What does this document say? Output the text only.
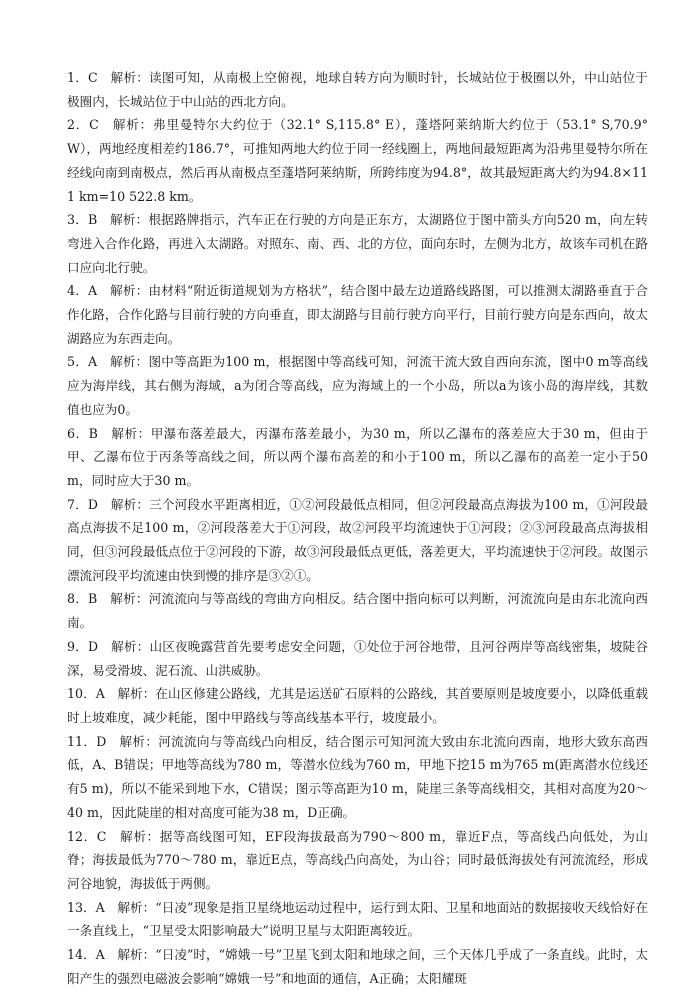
1．C　解析：读图可知，从南极上空俯视，地球自转方向为顺时针，长城站位于极圈以外，中山站位于极圈内，长城站位于中山站的西北方向。

2．C　解析：弗里曼特尔大约位于（32.1° S,115.8° E），蓬塔阿莱纳斯大约位于（53.1° S,70.9° W），两地经度相差约186.7°，可推知两地大约位于同一经线圈上，两地间最短距离为沿弗里曼特尔所在经线向南到南极点，然后再从南极点至蓬塔阿莱纳斯，所跨纬度为94.8°，故其最短距离大约为94.8×111 km=10 522.8 km。

3．B　解析：根据路牌指示，汽车正在行驶的方向是正东方，太湖路位于图中箭头方向520 m，向左转弯进入合作化路，再进入太湖路。对照东、南、西、北的方位，面向东时，左侧为北方，故该车司机在路口应向北行驶。

4．A　解析：由材料“附近街道规划为方格状”，结合图中最左边道路线路图，可以推测太湖路垂直于合作化路，合作化路与目前行驶的方向垂直，即太湖路与目前行驶方向平行，目前行驶方向是东西向，故太湖路应为东西走向。

5．A　解析：图中等高距为100 m，根据图中等高线可知，河流干流大致自西向东流，图中0 m等高线应为海岸线，其右侧为海域，a为闭合等高线，应为海域上的一个小岛，所以a为该小岛的海岸线，其数值也应为0。

6．B　解析：甲瀑布落差最大，丙瀑布落差最小，为30 m，所以乙瀑布的落差应大于30 m，但由于甲、乙瀑布位于丙条等高线之间，所以两个瀑布高差的和小于100 m，所以乙瀑布的高差一定小于50 m，同时应大于30 m。

7．D　解析：三个河段水平距离相近，①②河段最低点相同，但②河段最高点海拔为100 m，①河段最高点海拔不足100 m，②河段落差大于①河段，故②河段平均流速快于①河段；②③河段最高点海拔相同，但③河段最低点位于②河段的下游，故③河段最低点更低，落差更大，平均流速快于②河段。故图示漂流河段平均流速由快到慢的排序是③②①。

8．B　解析：河流流向与等高线的弯曲方向相反。结合图中指向标可以判断，河流流向是由东北流向西南。

9．D　解析：山区夜晚露营首先要考虑安全问题，①处位于河谷地带，且河谷两岸等高线密集，坡陡谷深，易受滑坡、泥石流、山洪威胁。

10．A　解析：在山区修建公路线，尤其是运送矿石原料的公路线，其首要原则是坡度要小，以降低重载时上坡难度，减少耗能，图中甲路线与等高线基本平行，坡度最小。

11．D　解析：河流流向与等高线凸向相反，结合图示可知河流大致由东北流向西南，地形大致东高西低，A、B错误；甲地等高线为780 m，等潜水位线为760 m，甲地下挖15 m为765 m(距离潜水位线还有5 m)，所以不能采到地下水，C错误；图示等高距为10 m，陡崖三条等高线相交，其相对高度为20～40 m，因此陡崖的相对高度可能为38 m，D正确。

12．C　解析：据等高线图可知，EF段海拔最高为790～800 m，靠近F点，等高线凸向低处，为山脊；海拔最低为770～780 m，靠近E点，等高线凸向高处，为山谷；同时最低海拔处有河流流经，形成河谷地貌，海拔低于两侧。

13．A　解析：“日凌”现象是指卫星绕地运动过程中，运行到太阳、卫星和地面站的数据接收天线恰好在一条直线上，“卫星受太阳影响最大”说明卫星与太阳距离较近。

14．A　解析：“日凌”时，“嫦娥一号”卫星飞到太阳和地球之间，三个天体几乎成了一条直线。此时，太阳产生的强烈电磁波会影响“嫦娥一号”和地面的通信，A正确；太阳耀斑
